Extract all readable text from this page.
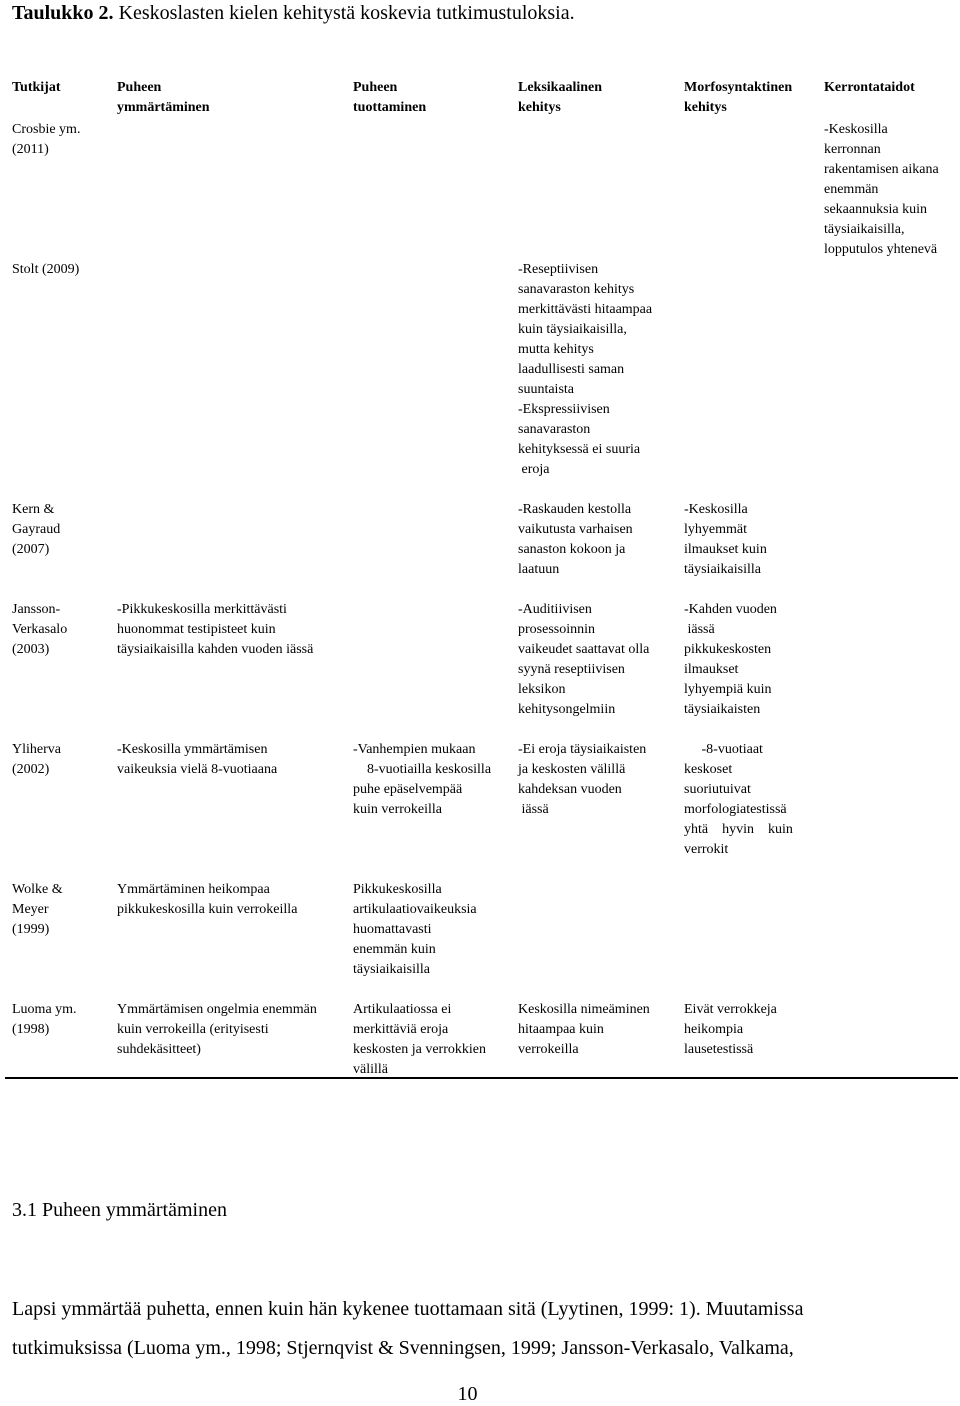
Taulukko 2. Keskoslasten kielen kehitystä koskevia tutkimustuloksia.
Tutkijat	Puheen
ymmärtäminen
Puheen
tuottaminen
Leksikaalinen
kehitys
Morfosyntaktinen
kehitys
Kerrontataidot
Crosbie ym.
(2011)
-Keskosilla
kerronnan
rakentamisen aikana
enemmän
sekaannuksia kuin
täysiaikaisilla,
lopputulos yhtenevä
Stolt (2009)	-Reseptiivisen
sanavaraston kehitys
merkittävästi hitaampaa
kuin täysiaikaisilla,
mutta kehitys
laadullisesti saman
suuntaista
-Ekspressiivisen
sanavaraston
kehityksessä ei suuria
eroja
Kern &
Gayraud
(2007)
-Raskauden kestolla
vaikutusta varhaisen
sanaston kokoon ja
laatuun
-Keskosilla
lyhyemmät
ilmaukset kuin
täysiaikaisilla
Jansson-
Verkasalo
(2003)
-Pikkukeskosilla merkittävästi
huonommat testipisteet kuin
täysiaikaisilla kahden vuoden iässä
-Auditiivisen
prosessoinnin
vaikeudet saattavat olla
syynä reseptiivisen
leksikon
kehitysongelmiin
-Kahden vuoden
iässä
pikkukeskosten
ilmaukset
lyhyempiä kuin
täysiaikaisten
Yliherva
(2002)
-Keskosilla ymmärtämisen
vaikeuksia vielä 8-vuotiaana
-Vanhempien mukaan
8-vuotiailla keskosilla
puhe epäselvempää
kuin verrokeilla
-Ei eroja täysiaikaisten
ja keskosten välillä
kahdeksan vuoden
iässä
-8-vuotiaat
keskoset
suoriutuivat
morfologiatestissä
yhtä    hyvin    kuin
verrokit
Wolke &
Meyer
(1999)
Ymmärtäminen heikompaa
pikkukeskosilla kuin verrokeilla
Pikkukeskosilla
artikulaatiovaikeuksia
huomattavasti
enemmän kuin
täysiaikaisilla
Luoma ym.
(1998)
Ymmärtämisen ongelmia enemmän
kuin verrokeilla (erityisesti
suhdekäsitteet)
Artikulaatiossa ei
merkittäviä eroja
keskosten ja verrokkien
välillä
Keskosilla nimeäminen
hitaampaa kuin
verrokeilla
Eivät verrokkeja
heikompia
lausetestissä
3.1 Puheen ymmärtäminen
Lapsi ymmärtää puhetta, ennen kuin hän kykenee tuottamaan sitä (Lyytinen, 1999: 1). Muutamissa
tutkimuksissa (Luoma ym., 1998; Stjernqvist & Svenningsen, 1999; Jansson-Verkasalo, Valkama,
10
